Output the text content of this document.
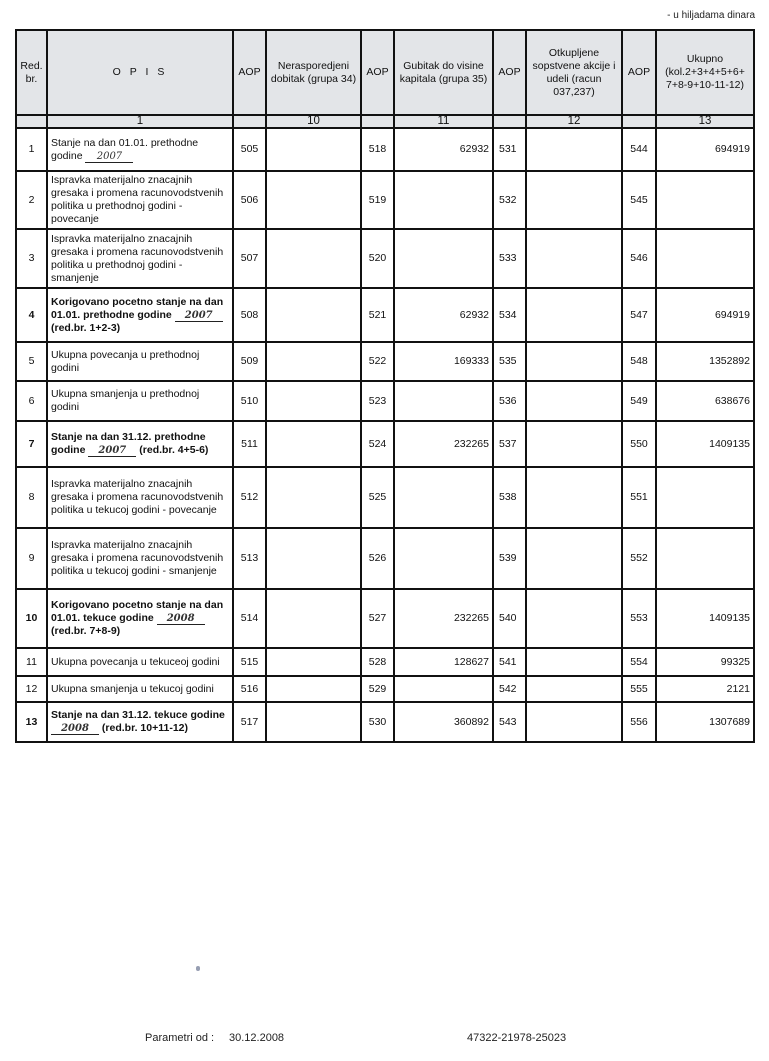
- u hiljadama dinara
Red. br.	O P I S	AOP	Nerasporedjeni dobitak (grupa 34)	AOP	Gubitak do visine kapitala (grupa 35)	AOP	Otkupljene sopstvene akcije i udeli (racun 037,237)	AOP	Ukupno (kol.2+3+4+5+6+ 7+8-9+10-11-12)
	1		10		11		12		13
1	Stanje na dan 01.01. prethodne godine 2007	505		518	62932	531		544	694919
2	Ispravka materijalno znacajnih gresaka i promena racunovodstvenih politika u prethodnoj godini - povecanje	506		519		532		545	
3	Ispravka materijalno znacajnih gresaka i promena racunovodstvenih politika u prethodnoj godini - smanjenje	507		520		533		546	
4	Korigovano pocetno stanje na dan 01.01. prethodne godine 2007 (red.br. 1+2-3)	508		521	62932	534		547	694919
5	Ukupna povecanja u prethodnoj godini	509		522	169333	535		548	1352892
6	Ukupna smanjenja u prethodnoj godini	510		523		536		549	638676
7	Stanje na dan 31.12. prethodne godine 2007 (red.br. 4+5-6)	511		524	232265	537		550	1409135
8	Ispravka materijalno znacajnih gresaka i promena racunovodstvenih politika u tekucoj godini - povecanje	512		525		538		551	
9	Ispravka materijalno znacajnih gresaka i promena racunovodstvenih politika u tekucoj godini - smanjenje	513		526		539		552	
10	Korigovano pocetno stanje na dan 01.01. tekuce godine 2008 (red.br. 7+8-9)	514		527	232265	540		553	1409135
11	Ukupna povecanja u tekuceoj godini	515		528	128627	541		554	99325
12	Ukupna smanjenja u tekucoj godini	516		529		542		555	2121
13	Stanje na dan 31.12. tekuce godine 2008 (red.br. 10+11-12)	517		530	360892	543		556	1307689
Parametri od : 30.12.2008	47322-21978-25023
